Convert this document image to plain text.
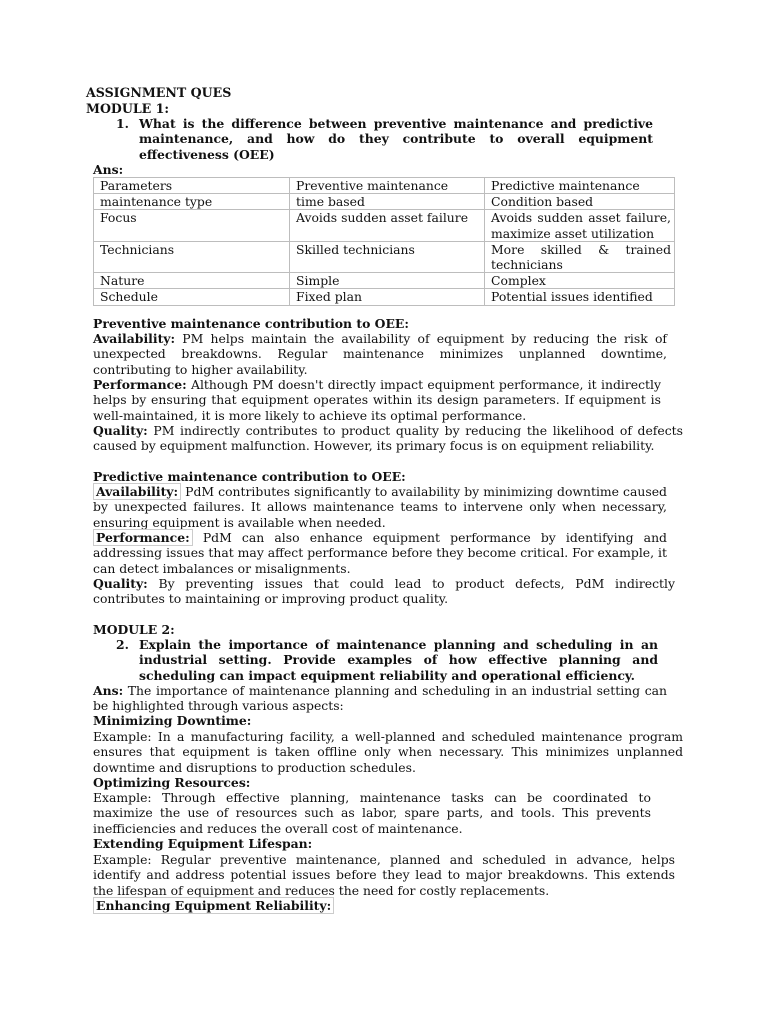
ASSIGNMENT QUES
MODULE 1:
1. What is the difference between preventive maintenance and predictive maintenance, and how do they contribute to overall equipment effectiveness (OEE)
Ans:
Parameters	Preventive maintenance	Predictive maintenance
maintenance type	time based	Condition based
Focus	Avoids sudden asset failure	Avoids sudden asset failure, maximize asset utilization
Technicians	Skilled technicians	More skilled & trained technicians
Nature	Simple	Complex
Schedule	Fixed plan	Potential issues identified
Preventive maintenance contribution to OEE:
Availability: PM helps maintain the availability of equipment by reducing the risk of unexpected breakdowns. Regular maintenance minimizes unplanned downtime, contributing to higher availability.
Performance: Although PM doesn't directly impact equipment performance, it indirectly helps by ensuring that equipment operates within its design parameters. If equipment is well-maintained, it is more likely to achieve its optimal performance.
Quality: PM indirectly contributes to product quality by reducing the likelihood of defects caused by equipment malfunction. However, its primary focus is on equipment reliability.
Predictive maintenance contribution to OEE:
Availability: PdM contributes significantly to availability by minimizing downtime caused by unexpected failures. It allows maintenance teams to intervene only when necessary, ensuring equipment is available when needed.
Performance: PdM can also enhance equipment performance by identifying and addressing issues that may affect performance before they become critical. For example, it can detect imbalances or misalignments.
Quality: By preventing issues that could lead to product defects, PdM indirectly contributes to maintaining or improving product quality.
MODULE 2:
2. Explain the importance of maintenance planning and scheduling in an industrial setting. Provide examples of how effective planning and scheduling can impact equipment reliability and operational efficiency.
Ans: The importance of maintenance planning and scheduling in an industrial setting can be highlighted through various aspects:
Minimizing Downtime:
Example: In a manufacturing facility, a well-planned and scheduled maintenance program ensures that equipment is taken offline only when necessary. This minimizes unplanned downtime and disruptions to production schedules.
Optimizing Resources:
Example: Through effective planning, maintenance tasks can be coordinated to maximize the use of resources such as labor, spare parts, and tools. This prevents inefficiencies and reduces the overall cost of maintenance.
Extending Equipment Lifespan:
Example: Regular preventive maintenance, planned and scheduled in advance, helps identify and address potential issues before they lead to major breakdowns. This extends the lifespan of equipment and reduces the need for costly replacements.
Enhancing Equipment Reliability:
